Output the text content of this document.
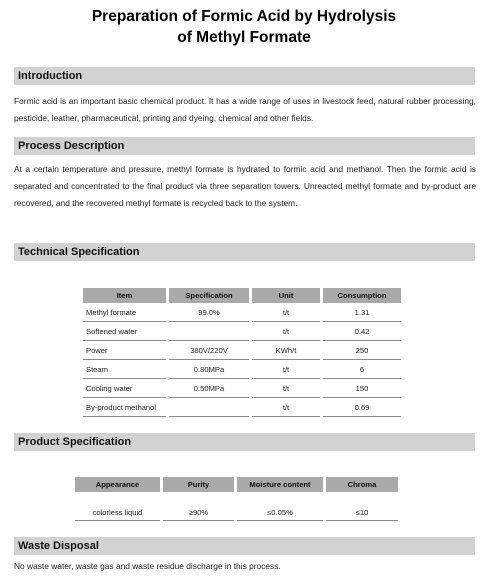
Preparation of Formic Acid by Hydrolysis
of Methyl Formate
Introduction
Formic acid is an important basic chemical product. It has a wide range of uses in livestock feed, natural rubber processing, pesticide, leather, pharmaceutical, printing and dyeing, chemical and other fields.
Process Description
At a certain temperature and pressure, methyl formate is hydrated to formic acid and methanol. Then the formic acid is separated and concentrated to the final product via three separation towers. Unreacted methyl formate and by-product are recovered, and the recovered methyl formate is recycled back to the system.
Technical Specification
Item	Specification	Unit	Consumption
Methyl formate	99.0%	t/t	1.31
Softened water		t/t	0.42
Power	380V/220V	KWh/t	250
Steam	0.80MPa	t/t	6
Cooling water	0.50MPa	t/t	150
By-product methanol		t/t	0.69
Product Specification
Appearance	Purity	Moisture content	Chroma
colorless liquid	≥90%	≤0.05%	≤10
Waste Disposal
No waste water, waste gas and waste residue discharge in this process.
